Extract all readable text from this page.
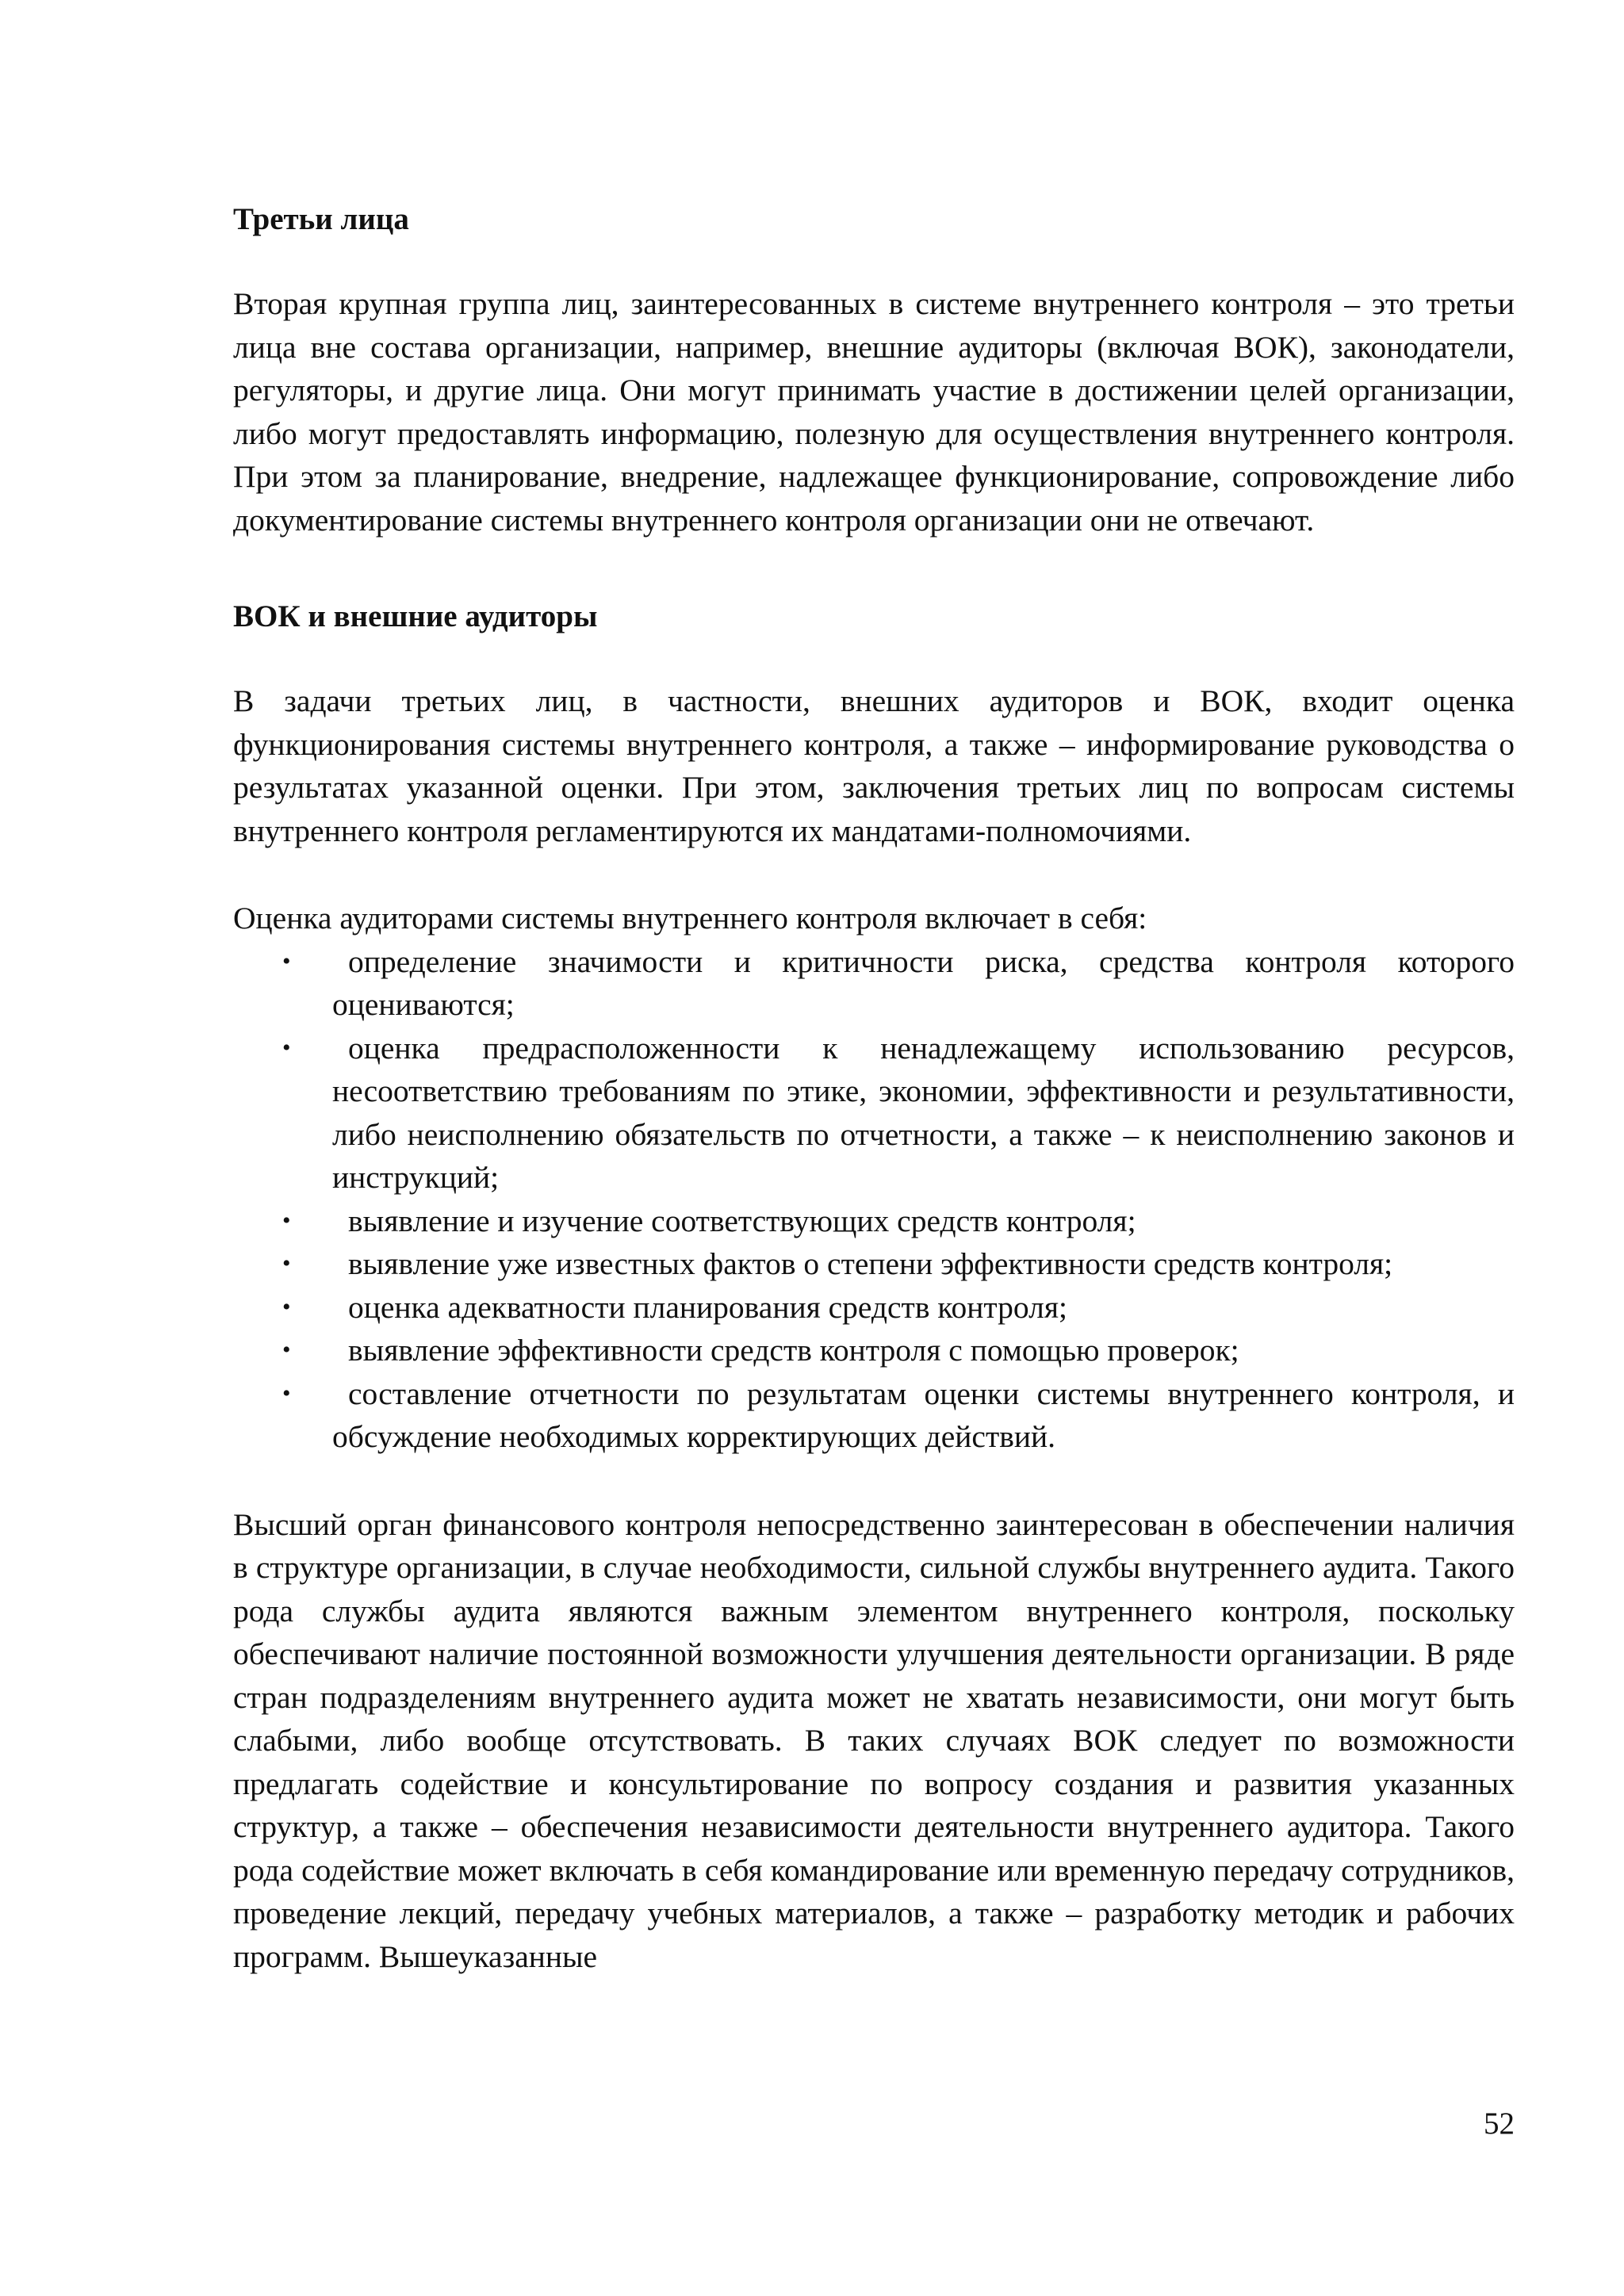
Третьи лица

Вторая крупная группа лиц, заинтересованных в системе внутреннего контроля – это третьи лица вне состава организации, например, внешние аудиторы (включая ВОК), законодатели, регуляторы, и другие лица. Они могут принимать участие в достижении целей организации, либо могут предоставлять информацию, полезную для осуществления внутреннего контроля. При этом за планирование, внедрение, надлежащее функционирование, сопровождение либо документирование системы внутреннего контроля организации они не отвечают.

ВОК и внешние аудиторы

В задачи третьих лиц, в частности, внешних аудиторов и ВОК, входит оценка функционирования системы внутреннего контроля, а также – информирование руководства о результатах указанной оценки. При этом, заключения третьих лиц по вопросам системы внутреннего контроля регламентируются их мандатами-полномочиями.

Оценка аудиторами системы внутреннего контроля включает в себя:

•	определение значимости и критичности риска, средства контроля которого оцениваются;
•	оценка предрасположенности к ненадлежащему использованию ресурсов, несоответствию требованиям по этике, экономии, эффективности и результативности, либо неисполнению обязательств по отчетности, а также – к неисполнению законов и инструкций;
•	выявление и изучение соответствующих средств контроля;
•	выявление уже известных фактов о степени эффективности средств контроля;
•	оценка адекватности планирования средств контроля;
•	выявление эффективности средств контроля с помощью проверок;
•	составление отчетности по результатам оценки системы внутреннего контроля, и обсуждение необходимых корректирующих действий.

Высший орган финансового контроля непосредственно заинтересован в обеспечении наличия в структуре организации, в случае необходимости, сильной службы внутреннего аудита. Такого рода службы аудита являются важным элементом внутреннего контроля, поскольку обеспечивают наличие постоянной возможности улучшения деятельности организации. В ряде стран подразделениям внутреннего аудита может не хватать независимости, они могут быть слабыми, либо вообще отсутствовать. В таких случаях ВОК следует по возможности предлагать содействие и консультирование по вопросу создания и развития указанных структур, а также – обеспечения независимости деятельности внутреннего аудитора. Такого рода содействие может включать в себя командирование или временную передачу сотрудников, проведение лекций, передачу учебных материалов, а также – разработку методик и рабочих программ. Вышеуказанные

52
